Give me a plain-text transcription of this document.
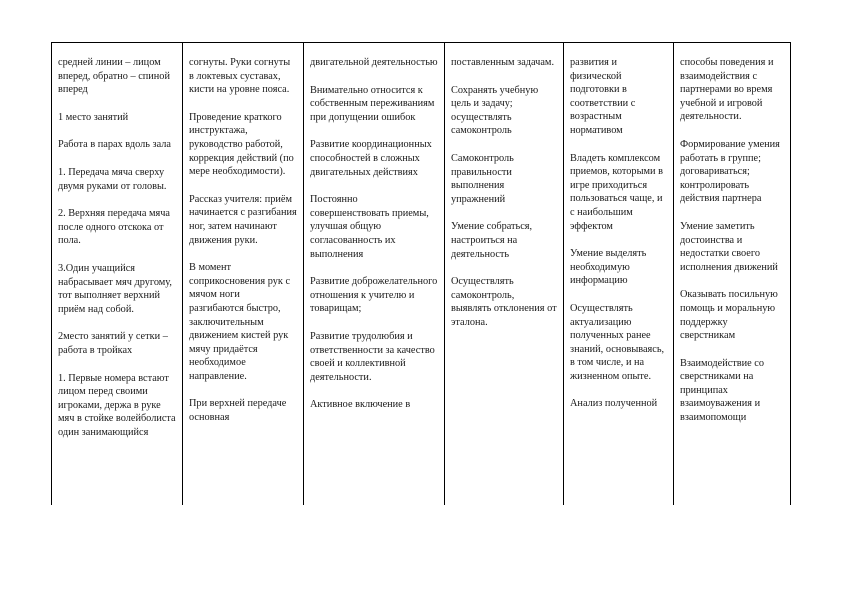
средней линии – лицом вперед, обратно – спиной вперед

1 место занятий

Работа в парах вдоль зала

1. Передача мяча сверху двумя руками от головы.

2. Верхняя передача мяча после одного отскока от пола.

3.Один учащийся набрасывает мяч другому, тот выполняет верхний приём над собой.

2место занятий у сетки – работа в тройках

1. Первые номера встают лицом перед своими игроками, держа в руке мяч в стойке волейболиста один занимающийся

согнуты. Руки согнуты в локтевых суставах, кисти на уровне пояса.

Проведение краткого инструктажа, руководство работой, коррекция действий (по мере необходимости).

Рассказ учителя: приём начинается с разгибания ног, затем начинают движения руки.

В момент соприкосновения рук с мячом ноги разгибаются быстро, заключительным движением кистей рук мячу придаётся необходимое направление.

При верхней передаче основная

двигательной деятельностью

Внимательно относится к собственным переживаниям при допущении ошибок

Развитие координационных способностей в сложных двигательных действиях

Постоянно совершенствовать приемы, улучшая общую согласованность их выполнения

Развитие доброжелательного отношения к учителю и товарищам;

Развитие трудолюбия и ответственности за качество своей и коллективной деятельности.

Активное включение в

поставленным задачам.

Сохранять учебную цель и задачу; осуществлять самоконтроль

Самоконтроль правильности выполнения упражнений

Умение собраться, настроиться на деятельность

Осуществлять самоконтроль, выявлять отклонения от эталона.

развития и физической подготовки в соответствии с возрастным нормативом

Владеть комплексом приемов, которыми в игре приходиться пользоваться чаще, и с наибольшим эффектом

Умение выделять необходимую информацию

Осуществлять актуализацию полученных ранее знаний, основываясь, в том числе, и на жизненном опыте.

Анализ полученной

способы поведения и взаимодействия с партнерами во время учебной и игровой деятельности.

Формирование умения работать в группе; договариваться; контролировать действия партнера

Умение заметить достоинства и недостатки своего исполнения движений

Оказывать посильную помощь и моральную поддержку сверстникам

Взаимодействие со сверстниками на принципах взаимоуважения и взаимопомощи
